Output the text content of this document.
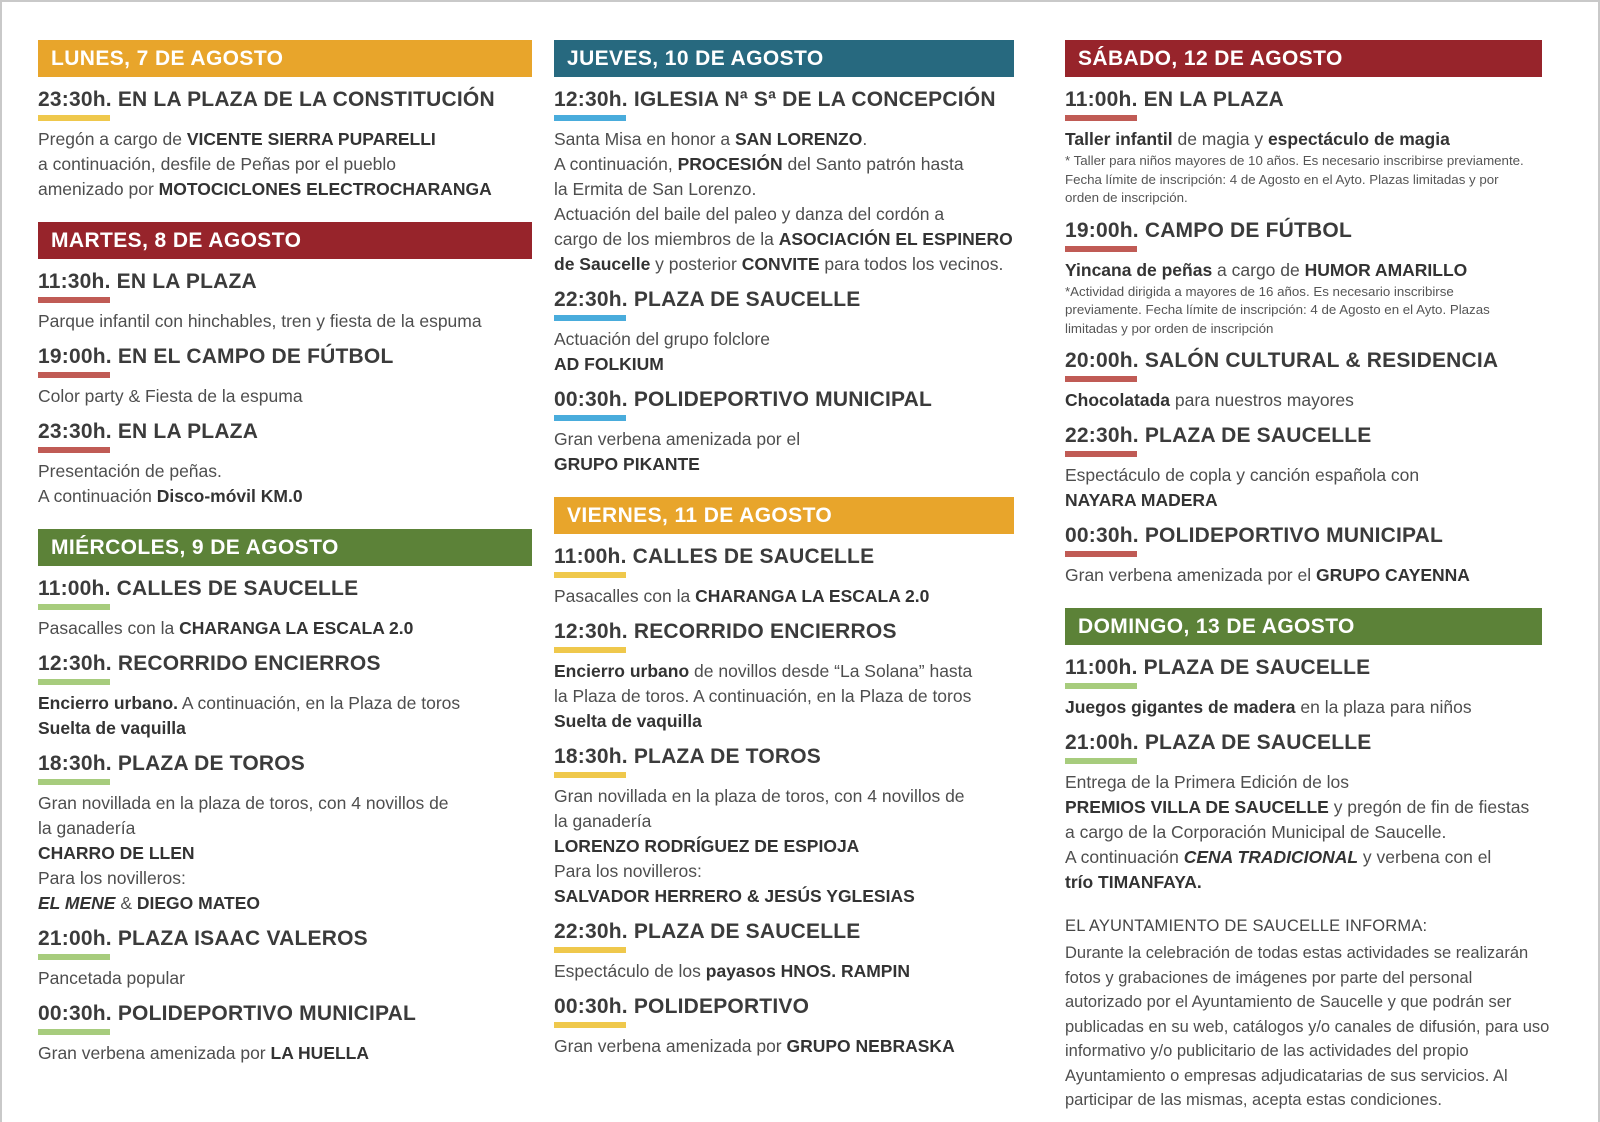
LUNES, 7 DE AGOSTO
23:30h. EN LA PLAZA DE LA CONSTITUCIÓN
Pregón a cargo de VICENTE SIERRA PUPARELLI
a continuación, desfile de Peñas por el pueblo
amenizado por MOTOCICLONES ELECTROCHARANGA
MARTES, 8 DE AGOSTO
11:30h. EN LA PLAZA
Parque infantil con hinchables, tren y fiesta de la espuma
19:00h. EN EL CAMPO DE FÚTBOL
Color party & Fiesta de la espuma
23:30h. EN LA PLAZA
Presentación de peñas.
A continuación Disco-móvil KM.0
MIÉRCOLES, 9 DE AGOSTO
11:00h. CALLES DE SAUCELLE
Pasacalles con la CHARANGA LA ESCALA 2.0
12:30h. RECORRIDO ENCIERROS
Encierro urbano. A continuación, en la Plaza de toros
Suelta de vaquilla
18:30h. PLAZA DE TOROS
Gran novillada en la plaza de toros, con 4 novillos de
la ganadería
CHARRO DE LLEN
Para los novilleros:
EL MENE & DIEGO MATEO
21:00h. PLAZA ISAAC VALEROS
Pancetada popular
00:30h. POLIDEPORTIVO MUNICIPAL
Gran verbena amenizada por LA HUELLA
JUEVES, 10 DE AGOSTO
12:30h. IGLESIA Nª Sª DE LA CONCEPCIÓN
Santa Misa en honor a SAN LORENZO.
A continuación, PROCESIÓN del Santo patrón hasta
la Ermita de San Lorenzo.
Actuación del baile del paleo y danza del cordón a
cargo de los miembros de la ASOCIACIÓN EL ESPINERO
de Saucelle y posterior CONVITE para todos los vecinos.
22:30h. PLAZA DE SAUCELLE
Actuación del grupo folclore
AD FOLKIUM
00:30h. POLIDEPORTIVO MUNICIPAL
Gran verbena amenizada por el
GRUPO PIKANTE
VIERNES, 11 DE AGOSTO
11:00h. CALLES DE SAUCELLE
Pasacalles con la CHARANGA LA ESCALA 2.0
12:30h. RECORRIDO ENCIERROS
Encierro urbano de novillos desde “La Solana” hasta
la Plaza de toros. A continuación, en la Plaza de toros
Suelta de vaquilla
18:30h. PLAZA DE TOROS
Gran novillada en la plaza de toros, con 4 novillos de
la ganadería
LORENZO RODRÍGUEZ DE ESPIOJA
Para los novilleros:
SALVADOR HERRERO & JESÚS YGLESIAS
22:30h. PLAZA DE SAUCELLE
Espectáculo de los payasos HNOS. RAMPIN
00:30h. POLIDEPORTIVO
Gran verbena amenizada por GRUPO NEBRASKA
SÁBADO, 12 DE AGOSTO
11:00h. EN LA PLAZA
Taller infantil de magia y espectáculo de magia
* Taller para niños mayores de 10 años. Es necesario inscribirse previamente.
Fecha límite de inscripción: 4 de Agosto en el Ayto. Plazas limitadas y por
orden de inscripción.
19:00h. CAMPO DE FÚTBOL
Yincana de peñas a cargo de HUMOR AMARILLO
*Actividad dirigida a mayores de 16 años. Es necesario inscribirse
previamente. Fecha límite de inscripción: 4 de Agosto en el Ayto. Plazas
limitadas y por orden de inscripción
20:00h. SALÓN CULTURAL & RESIDENCIA
Chocolatada para nuestros mayores
22:30h. PLAZA DE SAUCELLE
Espectáculo de copla y canción española con
NAYARA MADERA
00:30h. POLIDEPORTIVO MUNICIPAL
Gran verbena amenizada por el GRUPO CAYENNA
DOMINGO, 13 DE AGOSTO
11:00h. PLAZA DE SAUCELLE
Juegos gigantes de madera en la plaza para niños
21:00h. PLAZA DE SAUCELLE
Entrega de la Primera Edición de los
PREMIOS VILLA DE SAUCELLE y pregón de fin de fiestas
a cargo de la Corporación Municipal de Saucelle.
A continuación CENA TRADICIONAL y verbena con el
trío TIMANFAYA.
EL AYUNTAMIENTO DE SAUCELLE INFORMA:
Durante la celebración de todas estas actividades se realizarán
fotos y grabaciones de imágenes por parte del personal
autorizado por el Ayuntamiento de Saucelle y que podrán ser
publicadas en su web, catálogos y/o canales de difusión, para uso
informativo y/o publicitario de las actividades del propio
Ayuntamiento o empresas adjudicatarias de sus servicios. Al
participar de las mismas, acepta estas condiciones.
